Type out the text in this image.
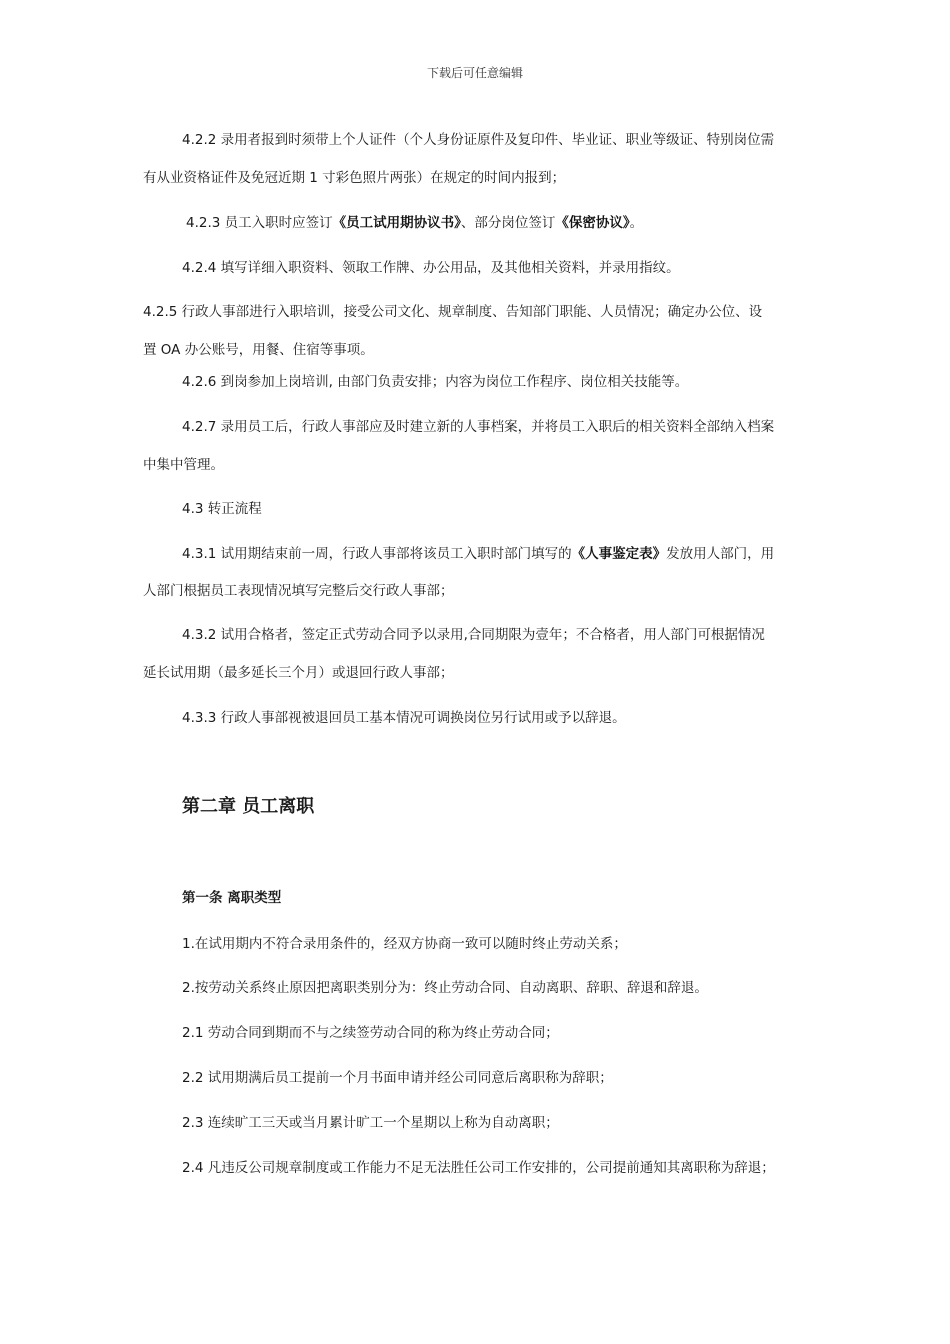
下载后可任意编辑
4.2.2 录用者报到时须带上个人证件（个人身份证原件及复印件、毕业证、职业等级证、特别岗位需
有从业资格证件及免冠近期 1 寸彩色照片两张）在规定的时间内报到；
4.2.3 员工入职时应签订《员工试用期协议书》、部分岗位签订《保密协议》。
4.2.4 填写详细入职资料、领取工作牌、办公用品，及其他相关资料，并录用指纹。
4.2.5 行政人事部进行入职培训，接受公司文化、规章制度、告知部门职能、人员情况；确定办公位、设
置 OA 办公账号，用餐、住宿等事项。
4.2.6 到岗参加上岗培训, 由部门负责安排；内容为岗位工作程序、岗位相关技能等。
4.2.7 录用员工后，行政人事部应及时建立新的人事档案，并将员工入职后的相关资料全部纳入档案
中集中管理。
4.3 转正流程
4.3.1 试用期结束前一周，行政人事部将该员工入职时部门填写的《人事鉴定表》发放用人部门，用
人部门根据员工表现情况填写完整后交行政人事部；
4.3.2 试用合格者，签定正式劳动合同予以录用,合同期限为壹年；不合格者，用人部门可根据情况
延长试用期（最多延长三个月）或退回行政人事部；
4.3.3 行政人事部视被退回员工基本情况可调换岗位另行试用或予以辞退。
第二章 员工离职
第一条 离职类型
1.在试用期内不符合录用条件的，经双方协商一致可以随时终止劳动关系；
2.按劳动关系终止原因把离职类别分为：终止劳动合同、自动离职、辞职、辞退和辞退。
2.1 劳动合同到期而不与之续签劳动合同的称为终止劳动合同；
2.2 试用期满后员工提前一个月书面申请并经公司同意后离职称为辞职；
2.3 连续旷工三天或当月累计旷工一个星期以上称为自动离职；
2.4 凡违反公司规章制度或工作能力不足无法胜任公司工作安排的，公司提前通知其离职称为辞退；
